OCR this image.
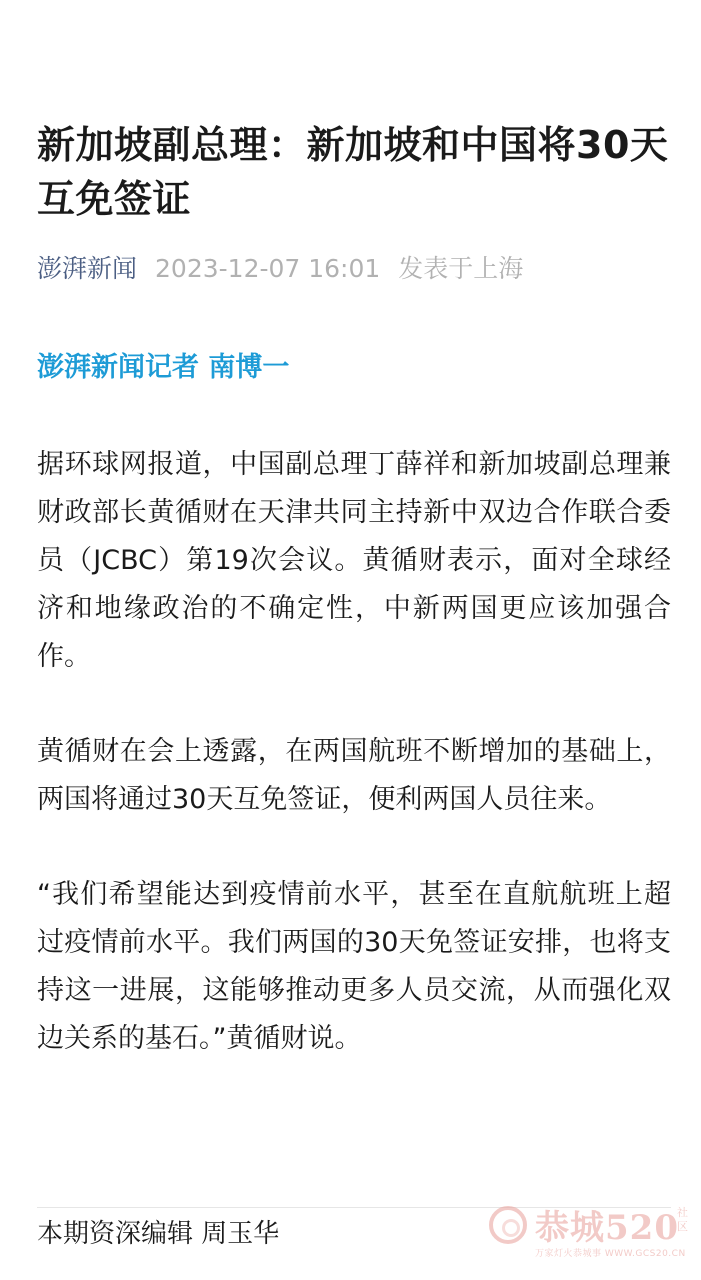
新加坡副总理：新加坡和中国将30天互免签证
澎湃新闻 2023-12-07 16:01 发表于上海
澎湃新闻记者 南博一

据环球网报道，中国副总理丁薛祥和新加坡副总理兼财政部长黄循财在天津共同主持新中双边合作联合委员（JCBC）第19次会议。黄循财表示，面对全球经济和地缘政治的不确定性，中新两国更应该加强合作。

黄循财在会上透露，在两国航班不断增加的基础上，两国将通过30天互免签证，便利两国人员往来。

“我们希望能达到疫情前水平，甚至在直航航班上超过疫情前水平。我们两国的30天免签证安排，也将支持这一进展，这能够推动更多人员交流，从而强化双边关系的基石。”黄循财说。

本期资深编辑 周玉华	恭城520
万家灯火恭城事 WWW.GCS20.CN
社区
